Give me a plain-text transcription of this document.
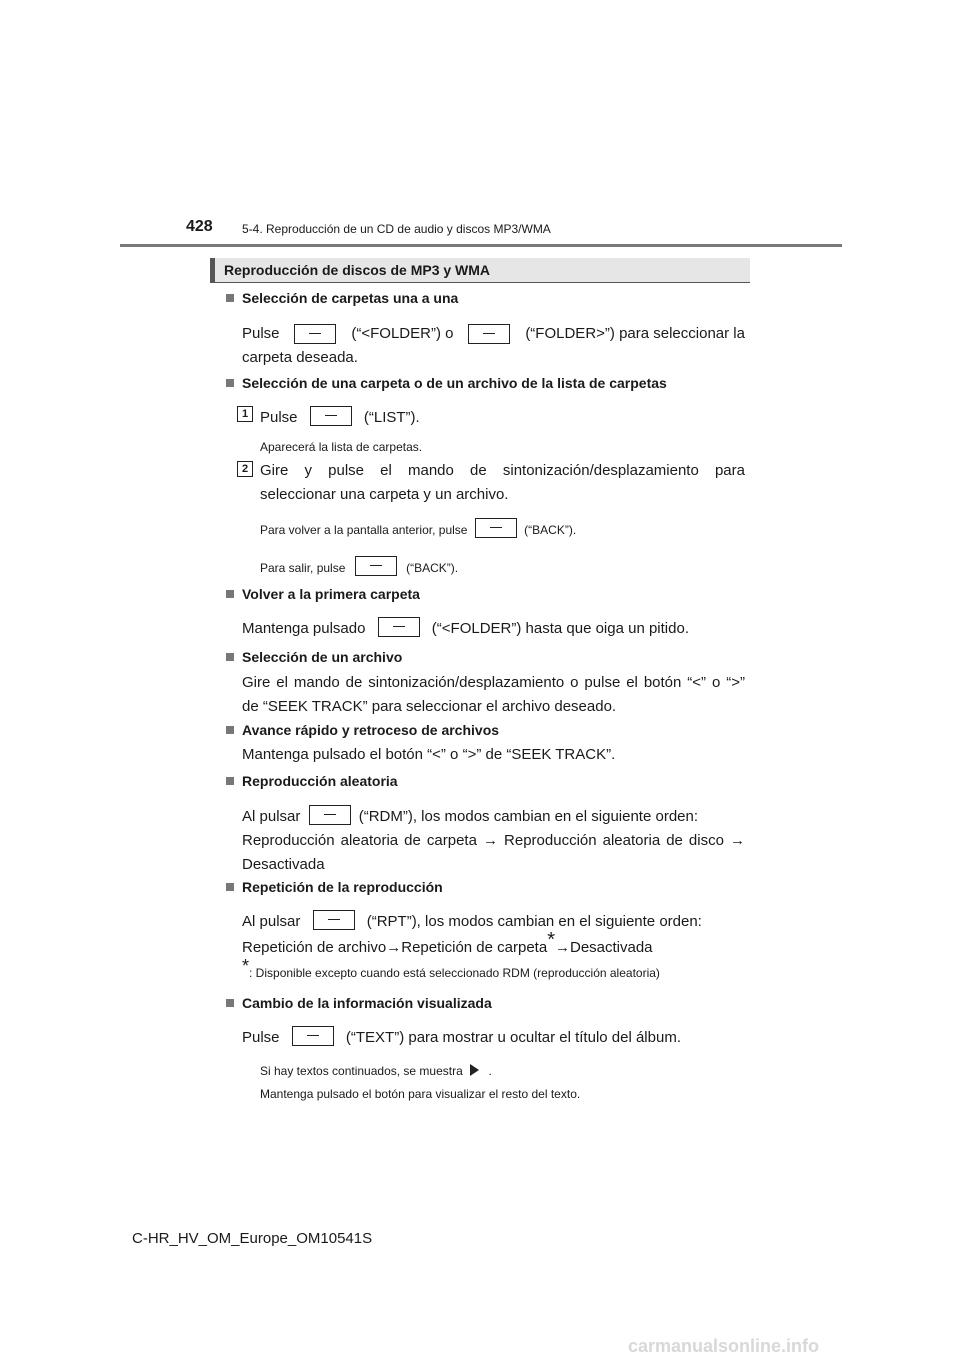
428 5-4. Reproducción de un CD de audio y discos MP3/WMA
Reproducción de discos de MP3 y WMA
Selección de carpetas una a una
Pulse	(“<FOLDER”) o	(“FOLDER>”) para seleccionar la
carpeta deseada.
Selección de una carpeta o de un archivo de la lista de carpetas
1 Pulse	(“LIST”).
Aparecerá la lista de carpetas.
2 Gire y pulse el mando de sintonización/desplazamiento para
seleccionar una carpeta y un archivo.
Para volver a la pantalla anterior, pulse	(“BACK”).
Para salir, pulse	(“BACK”).
Volver a la primera carpeta
Mantenga pulsado	(“<FOLDER”) hasta que oiga un pitido.
Selección de un archivo
Gire el mando de sintonización/desplazamiento o pulse el botón “<” o “>”
de “SEEK TRACK” para seleccionar el archivo deseado.
Avance rápido y retroceso de archivos
Mantenga pulsado el botón “<” o “>” de “SEEK TRACK”.
Reproducción aleatoria
Al pulsar	(“RDM”), los modos cambian en el siguiente orden:
Reproducción aleatoria de carpeta → Reproducción aleatoria de disco →
Desactivada
Repetición de la reproducción
Al pulsar	(“RPT”), los modos cambian en el siguiente orden:
Repetición de archivo→Repetición de carpeta*→Desactivada
*: Disponible excepto cuando está seleccionado RDM (reproducción aleatoria)
Cambio de la información visualizada
Pulse	(“TEXT”) para mostrar u ocultar el título del álbum.
Si hay textos continuados, se muestra .
Mantenga pulsado el botón para visualizar el resto del texto.
C-HR_HV_OM_Europe_OM10541S
carmanualsonline.info
